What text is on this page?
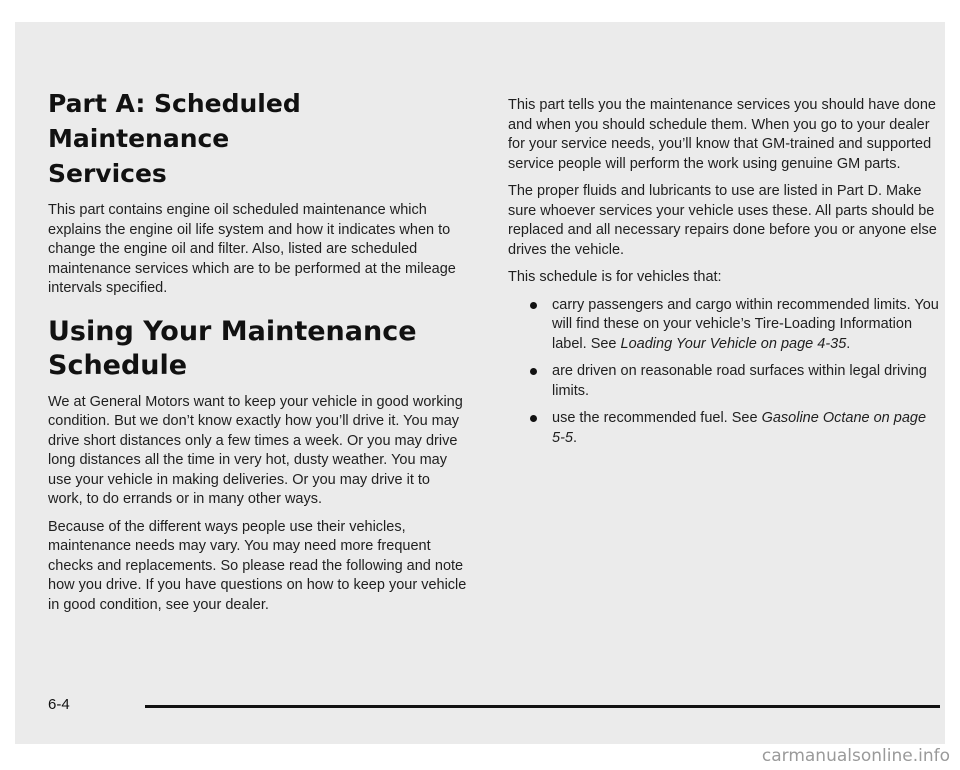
Part A: Scheduled Maintenance
Services

This part contains engine oil scheduled maintenance which explains the engine oil life system and how it indicates when to change the engine oil and filter. Also, listed are scheduled maintenance services which are to be performed at the mileage intervals specified.

Using Your Maintenance Schedule

We at General Motors want to keep your vehicle in good working condition. But we don’t know exactly how you’ll drive it. You may drive short distances only a few times a week. Or you may drive long distances all the time in very hot, dusty weather. You may use your vehicle in making deliveries. Or you may drive it to work, to do errands or in many other ways.

Because of the different ways people use their vehicles, maintenance needs may vary. You may need more frequent checks and replacements. So please read the following and note how you drive. If you have questions on how to keep your vehicle in good condition, see your dealer.

This part tells you the maintenance services you should have done and when you should schedule them. When you go to your dealer for your service needs, you’ll know that GM-trained and supported service people will perform the work using genuine GM parts.

The proper fluids and lubricants to use are listed in Part D. Make sure whoever services your vehicle uses these. All parts should be replaced and all necessary repairs done before you or anyone else drives the vehicle.

This schedule is for vehicles that:

carry passengers and cargo within recommended limits. You will find these on your vehicle’s Tire-Loading Information label. See Loading Your Vehicle on page 4-35.
are driven on reasonable road surfaces within legal driving limits.
use the recommended fuel. See Gasoline Octane on page 5-5.
6-4
carmanualsonline.info
